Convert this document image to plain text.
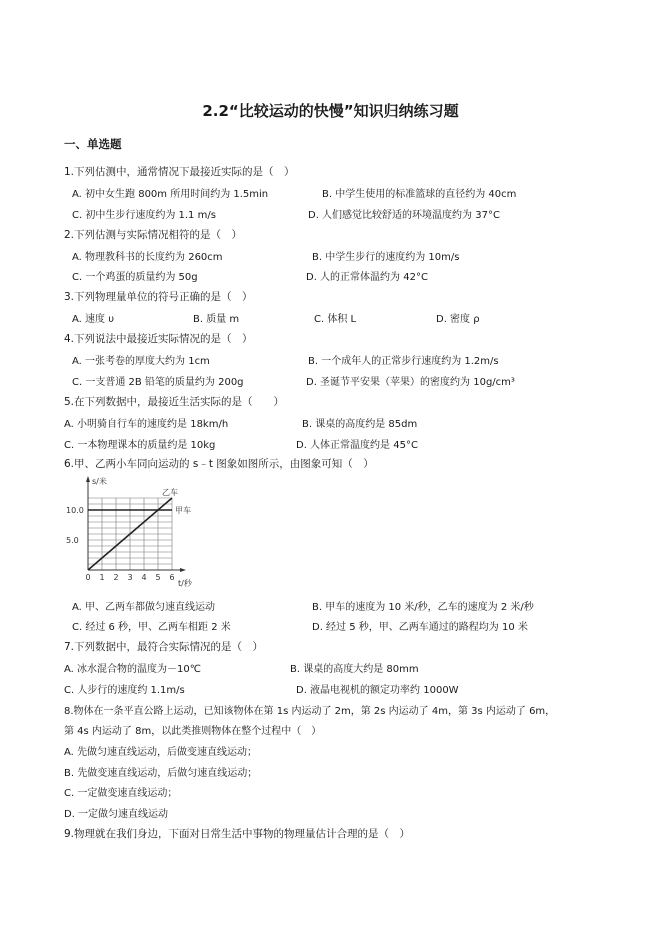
2.2“比较运动的快慢”知识归纳练习题
一、单选题
1.下列估测中，通常情况下最接近实际的是（　）
A. 初中女生跑 800m 所用时间约为 1.5min	B. 中学生使用的标准篮球的直径约为 40cm
C. 初中生步行速度约为 1.1 m/s	D. 人们感觉比较舒适的环境温度约为 37°C
2.下列估测与实际情况相符的是（　）
A. 物理教科书的长度约为 260cm	B. 中学生步行的速度约为 10m/s
C. 一个鸡蛋的质量约为 50g	D. 人的正常体温约为 42°C
3.下列物理量单位的符号正确的是（　）
A. 速度 υ	B. 质量 m	C. 体积 L	D. 密度 ρ
4.下列说法中最接近实际情况的是（　）
A. 一张考卷的厚度大约为 1cm	B. 一个成年人的正常步行速度约为 1.2m/s
C. 一支普通 2B 铅笔的质量约为 200g	D. 圣诞节平安果（苹果）的密度约为 10g/cm³
5.在下列数据中，最接近生活实际的是（　　）
A. 小明骑自行车的速度约是 18km/h	B. 课桌的高度约是 85dm
C. 一本物理课本的质量约是 10kg	D. 人体正常温度约是 45°C
6.甲、乙两小车同向运动的 s﹣t 图象如图所示，由图象可知（　）
s/米
t/秒
0 1 2 3 4 5 6
5.0
10.0	甲车
乙车
A. 甲、乙两车都做匀速直线运动	B. 甲车的速度为 10 米/秒，乙车的速度为 2 米/秒
C. 经过 6 秒，甲、乙两车相距 2 米	D. 经过 5 秒，甲、乙两车通过的路程均为 10 米
7.下列数据中，最符合实际情况的是（　）
A. 冰水混合物的温度为－10℃	B. 课桌的高度大约是 80mm
C. 人步行的速度约 1.1m/s	D. 液晶电视机的额定功率约 1000W
8.物体在一条平直公路上运动，已知该物体在第 1s 内运动了 2m，第 2s 内运动了 4m，第 3s 内运动了 6m，
第 4s 内运动了 8m，以此类推则物体在整个过程中（　）
A. 先做匀速直线运动，后做变速直线运动；
B. 先做变速直线运动，后做匀速直线运动；
C. 一定做变速直线运动；
D. 一定做匀速直线运动
9.物理就在我们身边，下面对日常生活中事物的物理量估计合理的是（　）
